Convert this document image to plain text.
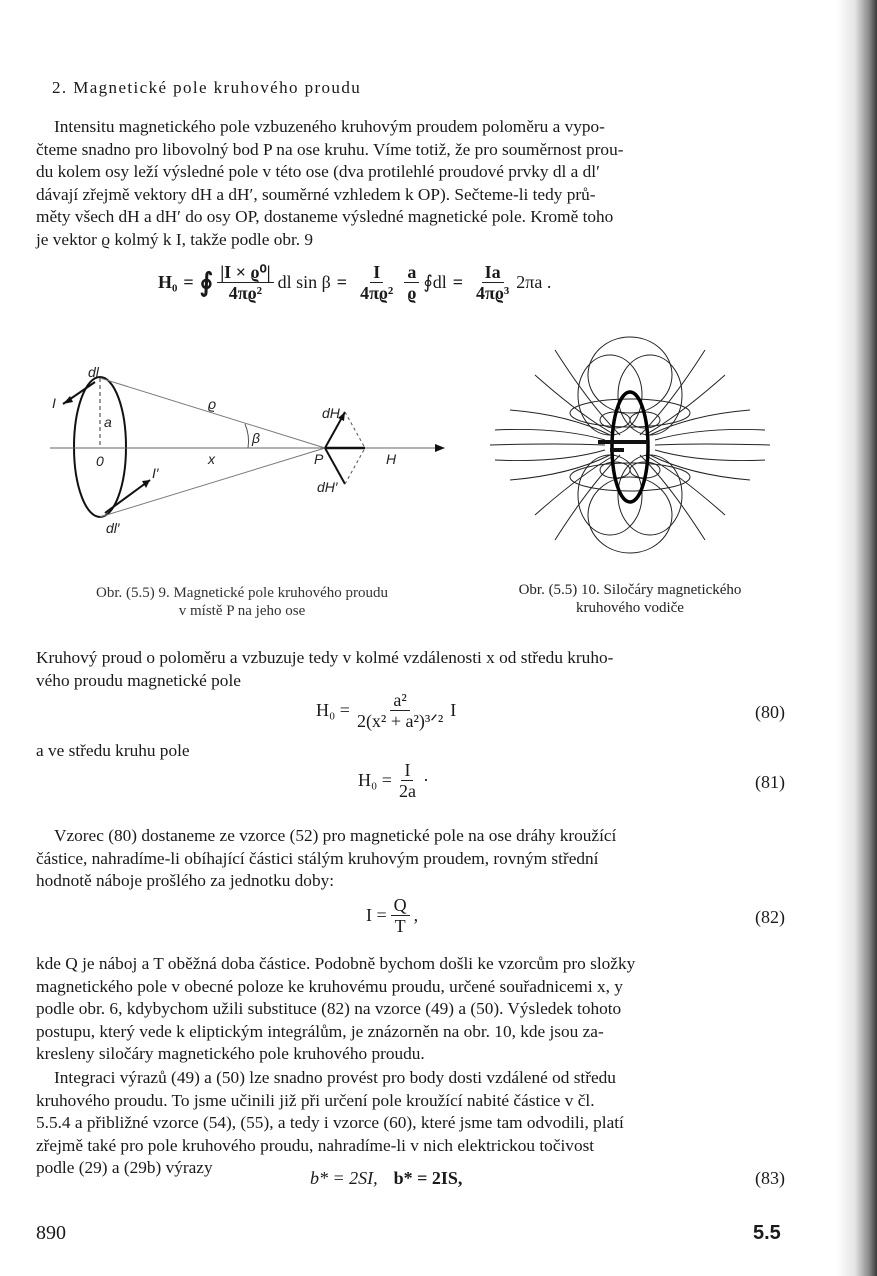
2. Magnetické pole kruhového proudu

Intensitu magnetického pole vzbuzeného kruhovým proudem poloměru a vypo-

čteme snadno pro libovolný bod P na ose kruhu. Víme totiž, že pro souměrnost prou-

du kolem osy leží výsledné pole v této ose (dva protilehlé proudové prvky dl a dl′

dávají zřejmě vektory dH a dH′, souměrné vzhledem k OP). Sečteme-li tedy prů-

měty všech dH a dH′ do osy OP, dostaneme výsledné magnetické pole. Kromě toho

je vektor ϱ kolmý k I, takže podle obr. 9

H₀ = ∮ $\frac{\text{|I × ϱ⁰|}}{\text{4πϱ²}}$ dl $\sin \beta = \frac{I}{\text{4πϱ²}} \frac{a}{ϱ}$ ∮dl = $\frac{Ia}{\text{4πϱ³}} 2\pi a$ .
dl
I
a
0
I′
dl′
ϱ
β
x	P
dH
dH′
H
Obr. (5.5) 9. Magnetické pole kruhového proudu
v místě P na jeho ose
Obr. (5.5) 10. Siločáry magnetického
kruhového vodiče

Kruhový proud o poloměru a vzbuzuje tedy v kolmé vzdálenosti x od středu kruho-

vého proudu magnetické pole

$H_0 = \frac{\text{a²}}{\text{2(x² + a²)³ᐟ²}}$ I	(80)

a ve středu kruhu pole

$H_0 = \frac{I}{2a}$ ·	(81)

Vzorec (80) dostaneme ze vzorce (52) pro magnetické pole na ose dráhy kroužící

částice, nahradíme-li obíhající částici stálým kruhovým proudem, rovným střední

hodnotě náboje prošlého za jednotku doby:

$I = \frac{Q}{T}$ ,	(82)

kde Q je náboj a T oběžná doba částice. Podobně bychom došli ke vzorcům pro složky

magnetického pole v obecné poloze ke kruhovému proudu, určené souřadnicemi x, y

podle obr. 6, kdybychom užili substituce (82) na vzorce (49) a (50). Výsledek tohoto

postupu, který vede k eliptickým integrálům, je znázorněn na obr. 10, kde jsou za-

kresleny siločáry magnetického pole kruhového proudu.

Integraci výrazů (49) a (50) lze snadno provést pro body dosti vzdálené od středu

kruhového proudu. To jsme učinili již při určení pole kroužící nabité částice v čl.

5.5.4 a přibližné vzorce (54), (55), a tedy i vzorce (60), které jsme tam odvodili, platí

zřejmě také pro pole kruhového proudu, nahradíme-li v nich elektrickou točivost

podle (29) a (29b) výrazy

b* = 2SI, b* = 2IS,	(83)
890	5.5
